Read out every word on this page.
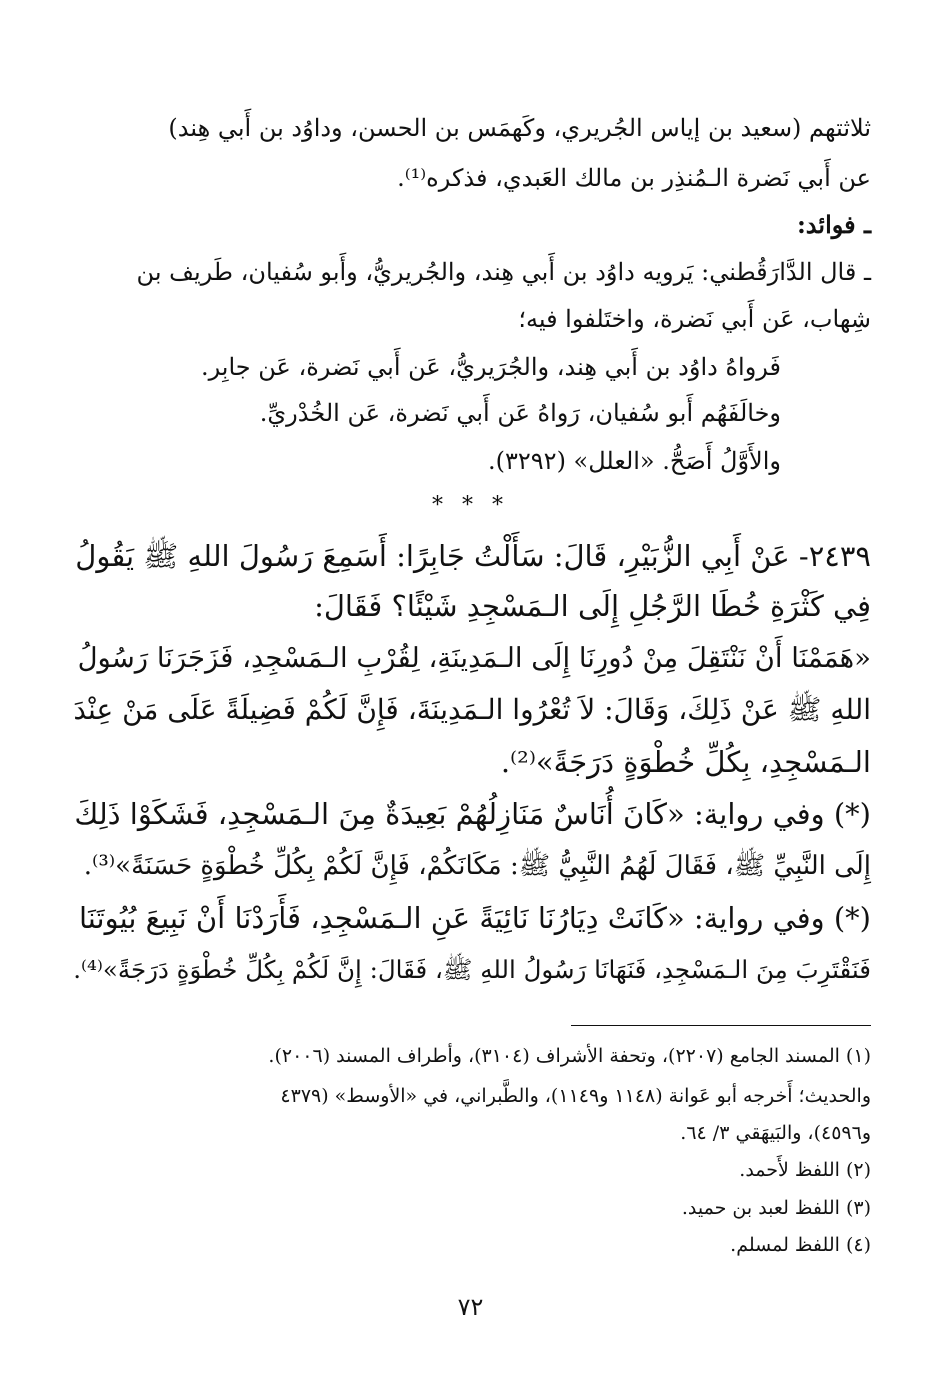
ثلاثتهم (سعيد بن إياس الجُريري، وكَهمَس بن الحسن، وداوُد بن أَبي هِند)
عن أَبي نَضرة الـمُنذِر بن مالك العَبدي، فذكره⁽¹⁾.
ـ فوائد:
ـ قال الدَّارَقُطني: يَرويه داوُد بن أَبي هِند، والجُريريُّ، وأَبو سُفيان، طَريف بن
شِهاب، عَن أَبي نَضرة، واختَلفوا فيه؛
فَرواهُ داوُد بن أَبي هِند، والجُرَيريُّ، عَن أَبي نَضرة، عَن جابِر.
وخالَفَهُم أَبو سُفيان، رَواهُ عَن أَبي نَضرة، عَن الخُدْريِّ.
والأَوَّلُ أَصَحُّ. «العلل» (٣٢٩٢).
* * *
٢٤٣٩- عَنْ أَبِي الزُّبَيْرِ، قَالَ: سَأَلْتُ جَابِرًا: أَسَمِعَ رَسُولَ اللهِ ﷺ يَقُولُ
فِي كَثْرَةِ خُطَا الرَّجُلِ إِلَى الـمَسْجِدِ شَيْئًا؟ فَقَالَ:
«هَمَمْنَا أَنْ نَنْتَقِلَ مِنْ دُورِنَا إِلَى الـمَدِينَةِ، لِقُرْبِ الـمَسْجِدِ، فَزَجَرَنَا رَسُولُ
اللهِ ﷺ عَنْ ذَلِكَ، وَقَالَ: لاَ تُعْرُوا الـمَدِينَةَ، فَإِنَّ لَكُمْ فَضِيلَةً عَلَى مَنْ عِنْدَ
الـمَسْجِدِ، بِكُلِّ خُطْوَةٍ دَرَجَةً»⁽²⁾.
(*) وفي رواية: «كَانَ أُنَاسٌ مَنَازِلُهُمْ بَعِيدَةٌ مِنَ الـمَسْجِدِ، فَشَكَوْا ذَلِكَ
إِلَى النَّبِيِّ ﷺ، فَقَالَ لَهُمُ النَّبِيُّ ﷺ: مَكَانَكُمْ، فَإِنَّ لَكُمْ بِكُلِّ خُطْوَةٍ حَسَنَةً»⁽³⁾.
(*) وفي رواية: «كَانَتْ دِيَارُنَا نَائِيَةً عَنِ الـمَسْجِدِ، فَأَرَدْنَا أَنْ نَبِيعَ بُيُوتَنَا
فَنَقْتَرِبَ مِنَ الـمَسْجِدِ، فَنَهَانَا رَسُولُ اللهِ ﷺ، فَقَالَ: إِنَّ لَكُمْ بِكُلِّ خُطْوَةٍ دَرَجَةً»⁽⁴⁾.
(١) المسند الجامع (٢٢٠٧)، وتحفة الأشراف (٣١٠٤)، وأطراف المسند (٢٠٠٦).
والحديث؛ أَخرجه أبو عَوانة (١١٤٨ و١١٤٩)، والطَّبراني، في «الأوسط» (٤٣٧٩
و٤٥٩٦)، والبَيهَقي ٣/ ٦٤.
(٢) اللفظ لأَحمد.
(٣) اللفظ لعبد بن حميد.
(٤) اللفظ لمسلم.
٧٢
